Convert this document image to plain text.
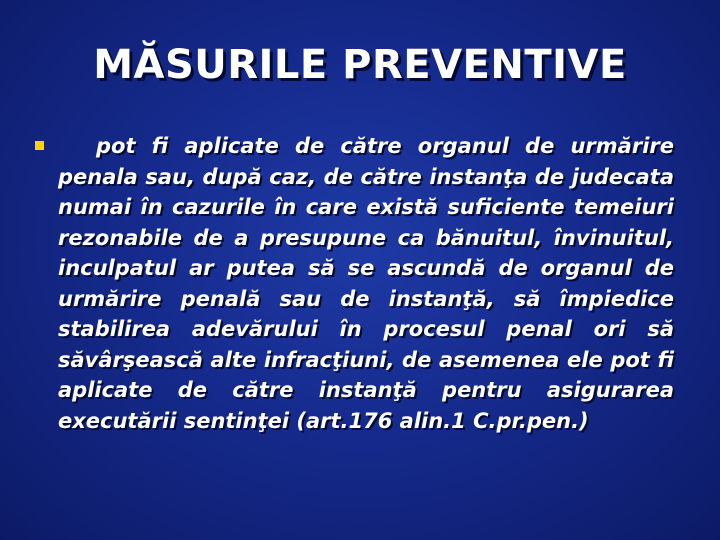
MĂSURILE PREVENTIVE

pot fi aplicate de către organul de urmărire penala sau, după caz, de către instanţa de judecata numai în cazurile în care există suficiente temeiuri rezonabile de a presupune ca bănuitul, învinuitul, inculpatul ar putea să se ascundă de organul de urmărire penală sau de instanţă, să împiedice stabilirea adevărului în procesul penal ori să săvârşească alte infracţiuni, de asemenea ele pot fi aplicate de către instanţă pentru asigurarea executării sentinţei (art.176 alin.1 C.pr.pen.)
